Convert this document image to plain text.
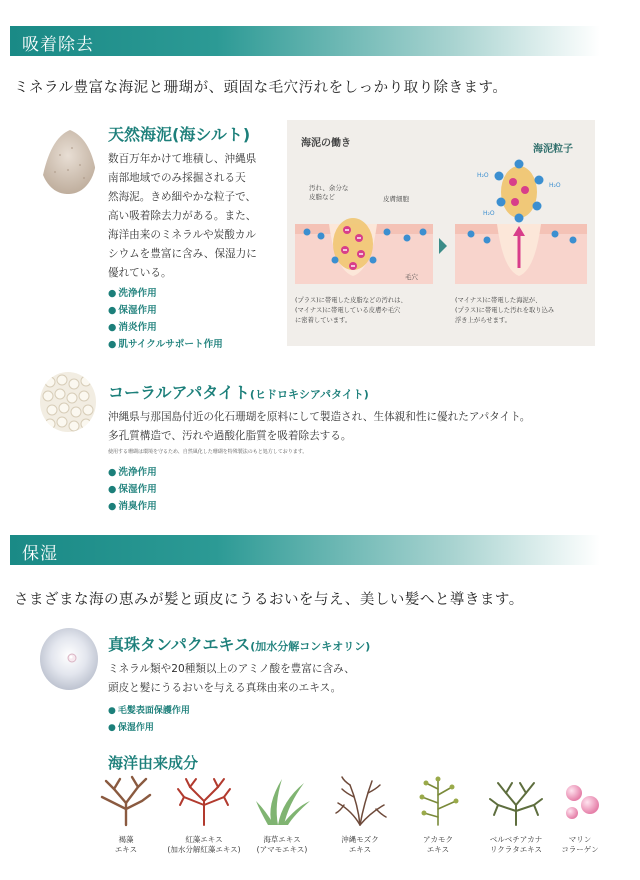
吸着除去
ミネラル豊富な海泥と珊瑚が、頭固な毛穴汚れをしっかり取り除きます。
天然海泥(海シルト)
数百万年かけて堆積し、沖縄県
南部地域でのみ採掘される天
然海泥。きめ細やかな粒子で、
高い吸着除去力がある。また、
海洋由来のミネラルや炭酸カル
シウムを豊富に含み、保湿力に
優れている。
● 洗浄作用
● 保湿作用
● 消炎作用
● 肌サイクルサポート作用
海泥の働き
汚れ、余分な
皮脂など	皮膚細胞
毛穴
海泥粒子
H₂O
H₂O
H₂O
(プラス)に帯電した皮脂などの汚れは、
(マイナス)に帯電している皮膚や毛穴
に密着しています。
(マイナス)に帯電した海泥が、
(プラス)に帯電した汚れを取り込み
浮き上がらせます。
コーラルアパタイト(ヒドロキシアパタイト)
沖縄県与那国島付近の化石珊瑚を原料にして製造され、生体親和性に優れたアパタイト。
多孔質構造で、汚れや過酸化脂質を吸着除去する。
使用する珊瑚は環境を守るため、自然風化した珊瑚を特殊製法のもと処方しております。
● 洗浄作用
● 保湿作用
● 消臭作用
保湿
さまざまな海の恵みが髪と頭皮にうるおいを与え、美しい髪へと導きます。
真珠タンパクエキス(加水分解コンキオリン)
ミネラル類や20種類以上のアミノ酸を豊富に含み、
頭皮と髪にうるおいを与える真珠由来のエキス。
● 毛髪表面保護作用
● 保湿作用
海洋由来成分
褐藻
エキス
紅藻エキス
(加水分解紅藻エキス)
海草エキス
(アマモエキス)
沖縄モズク
エキス
アカモク
エキス
ベルベチアカナ
リクラタエキス
マリン
コラーゲン
